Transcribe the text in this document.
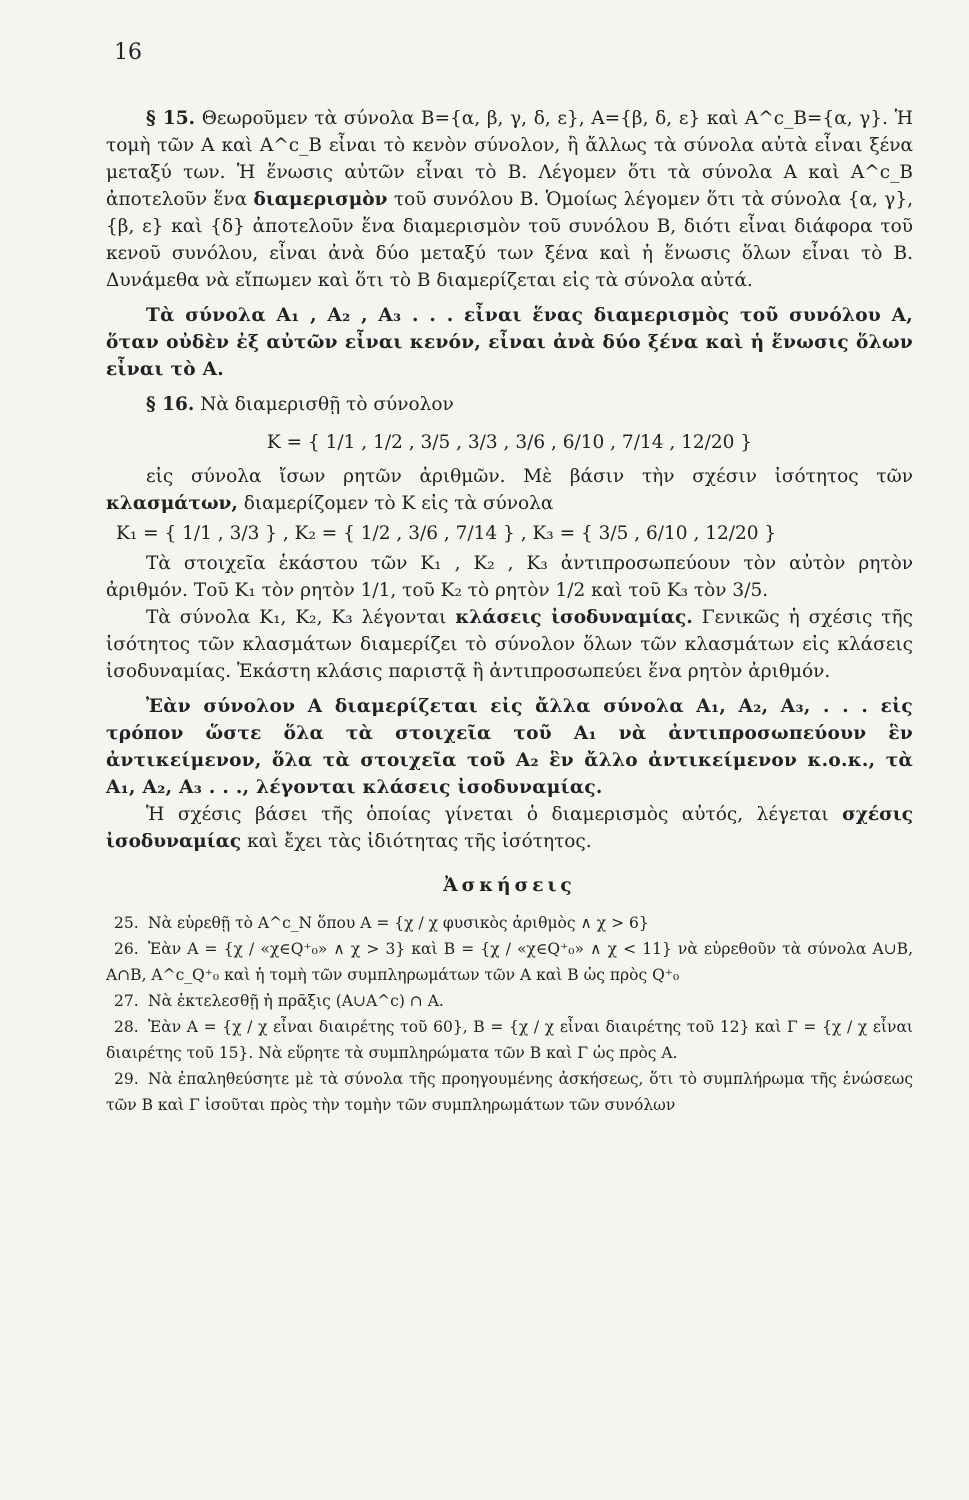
16

§ 15. Θεωροῦμεν τὰ σύνολα Β={α, β, γ, δ, ε}, Α={β, δ, ε} καὶ Α^c_Β={α, γ}. Ἡ τομὴ τῶν Α καὶ Α^c_Β εἶναι τὸ κενὸν σύνολον, ἢ ἄλλως τὰ σύνολα αὐτὰ εἶναι ξένα μεταξύ των. Ἡ ἕνωσις αὐτῶν εἶναι τὸ Β. Λέγομεν ὅτι τὰ σύνολα Α καὶ Α^c_Β ἀποτελοῦν ἕνα διαμερισμὸν τοῦ συνόλου Β. Ὁμοίως λέγομεν ὅτι τὰ σύνολα {α, γ}, {β, ε} καὶ {δ} ἀποτελοῦν ἕνα διαμερισμὸν τοῦ συνόλου Β, διότι εἶναι διάφορα τοῦ κενοῦ συνόλου, εἶναι ἀνὰ δύο μεταξύ των ξένα καὶ ἡ ἕνωσις ὅλων εἶναι τὸ Β. Δυνάμεθα νὰ εἴπωμεν καὶ ὅτι τὸ Β διαμερίζεται εἰς τὰ σύνολα αὐτά.

Τὰ σύνολα Α₁ , Α₂ , Α₃ . . . εἶναι ἕνας διαμερισμὸς τοῦ συνόλου Α, ὅταν οὐδὲν ἐξ αὐτῶν εἶναι κενόν, εἶναι ἀνὰ δύο ξένα καὶ ἡ ἕνωσις ὅλων εἶναι τὸ Α.

§ 16. Νὰ διαμερισθῇ τὸ σύνολον

K = { 1/1 , 1/2 , 3/5 , 3/3 , 3/6 , 6/10 , 7/14 , 12/20 }

εἰς σύνολα ἴσων ρητῶν ἀριθμῶν. Μὲ βάσιν τὴν σχέσιν ἰσότητος τῶν κλασμάτων, διαμερίζομεν τὸ Κ εἰς τὰ σύνολα

K₁ = { 1/1 , 3/3 } , K₂ = { 1/2 , 3/6 , 7/14 } , K₃ = { 3/5 , 6/10 , 12/20 }

Τὰ στοιχεῖα ἑκάστου τῶν Κ₁ , Κ₂ , Κ₃ ἀντιπροσωπεύουν τὸν αὐτὸν ρητὸν ἀριθμόν. Τοῦ Κ₁ τὸν ρητὸν 1/1, τοῦ Κ₂ τὸ ρητὸν 1/2 καὶ τοῦ Κ₃ τὸν 3/5.

Τὰ σύνολα Κ₁, Κ₂, Κ₃ λέγονται κλάσεις ἰσοδυναμίας. Γενικῶς ἡ σχέσις τῆς ἰσότητος τῶν κλασμάτων διαμερίζει τὸ σύνολον ὅλων τῶν κλασμάτων εἰς κλάσεις ἰσοδυναμίας. Ἑκάστη κλάσις παριστᾷ ἢ ἀντιπροσωπεύει ἕνα ρητὸν ἀριθμόν.

Ἐὰν σύνολον Α διαμερίζεται εἰς ἄλλα σύνολα Α₁, Α₂, Α₃, . . . εἰς τρόπον ὥστε ὅλα τὰ στοιχεῖα τοῦ Α₁ νὰ ἀντιπροσωπεύουν ἓν ἀντικείμενον, ὅλα τὰ στοιχεῖα τοῦ Α₂ ἓν ἄλλο ἀντικείμενον κ.ο.κ., τὰ Α₁, Α₂, Α₃ . . ., λέγονται κλάσεις ἰσοδυναμίας.

Ἡ σχέσις βάσει τῆς ὁποίας γίνεται ὁ διαμερισμὸς αὐτός, λέγεται σχέσις ἰσοδυναμίας καὶ ἔχει τὰς ἰδιότητας τῆς ἰσότητος.

Ἀσκήσεις

25. Νὰ εὑρεθῇ τὸ Α^c_N ὅπου Α = {χ / χ φυσικὸς ἀριθμὸς ∧ χ > 6}

26. Ἐὰν Α = {χ / «χ∈Q⁺₀» ∧ χ > 3} καὶ Β = {χ / «χ∈Q⁺₀» ∧ χ < 11} νὰ εὑρεθοῦν τὰ σύνολα Α∪Β, Α∩Β, Α^c_Q⁺₀ καὶ ἡ τομὴ τῶν συμπληρωμάτων τῶν Α καὶ Β ὡς πρὸς Q⁺₀

27. Νὰ ἐκτελεσθῇ ἡ πρᾶξις (Α∪Α^c) ∩ Α.

28. Ἐὰν Α = {χ / χ εἶναι διαιρέτης τοῦ 60}, Β = {χ / χ εἶναι διαιρέτης τοῦ 12} καὶ Γ = {χ / χ εἶναι διαιρέτης τοῦ 15}. Νὰ εὕρητε τὰ συμπληρώματα τῶν Β καὶ Γ ὡς πρὸς Α.

29. Νὰ ἐπαληθεύσητε μὲ τὰ σύνολα τῆς προηγουμένης ἀσκήσεως, ὅτι τὸ συμπλήρωμα τῆς ἑνώσεως τῶν Β καὶ Γ ἰσοῦται πρὸς τὴν τομὴν τῶν συμπληρωμάτων τῶν συνόλων
